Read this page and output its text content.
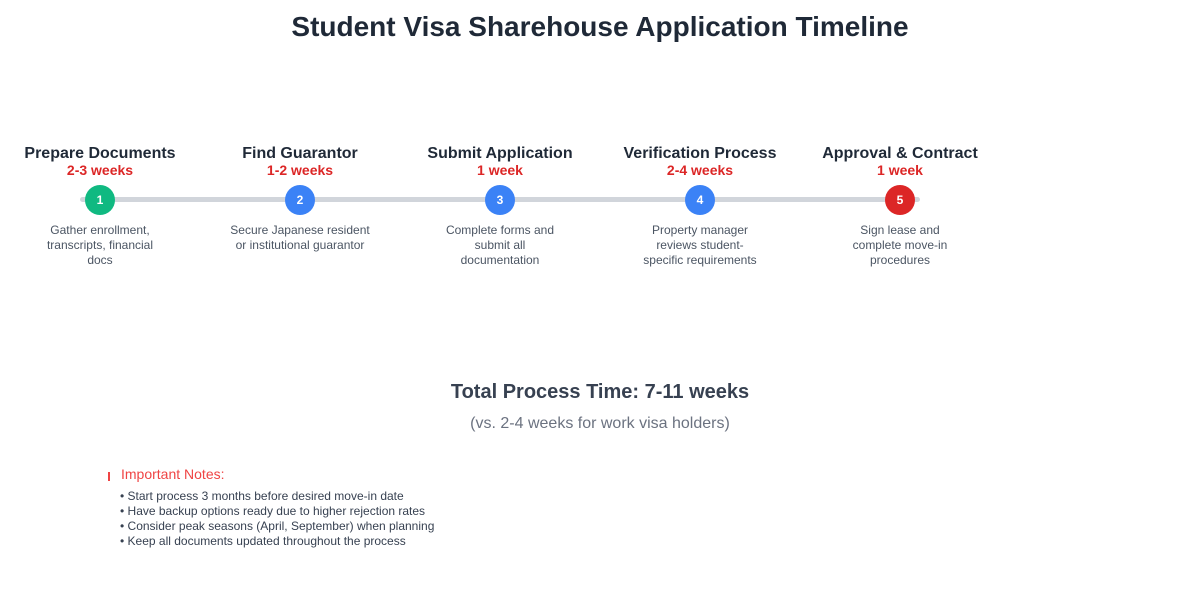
Student Visa Sharehouse Application Timeline
Prepare Documents
2-3 weeks
1
Gather enrollment, transcripts, financial docs
Find Guarantor
1-2 weeks
2
Secure Japanese resident or institutional guarantor
Submit Application
1 week
3
Complete forms and submit all documentation
Verification Process
2-4 weeks
4
Property manager reviews student-specific requirements
Approval & Contract
1 week
5
Sign lease and complete move-in procedures
Total Process Time: 7-11 weeks
(vs. 2-4 weeks for work visa holders)
Important Notes:
• Start process 3 months before desired move-in date
• Have backup options ready due to higher rejection rates
• Consider peak seasons (April, September) when planning
• Keep all documents updated throughout the process
